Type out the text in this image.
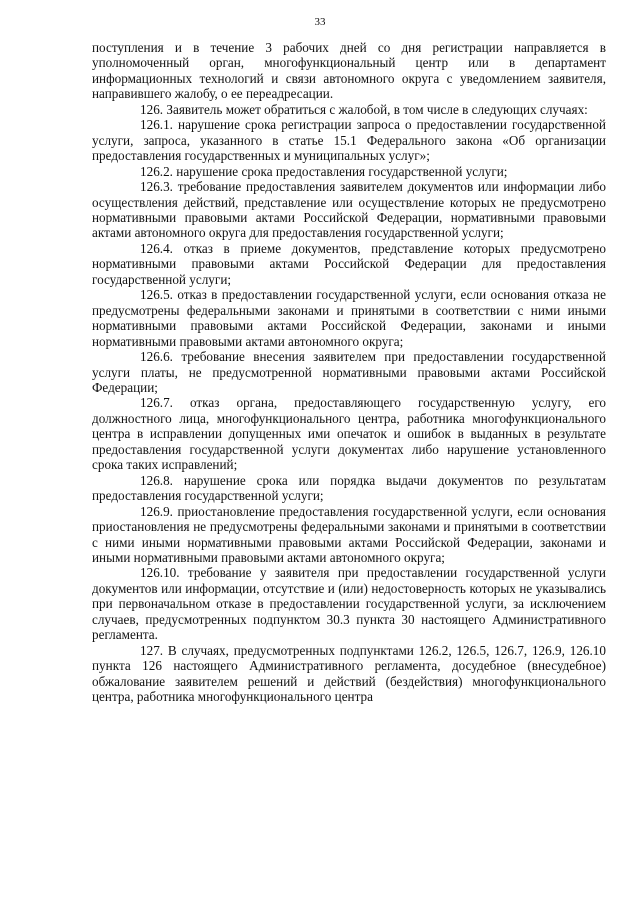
33

поступления и в течение 3 рабочих дней со дня регистрации направляется в уполномоченный орган, многофункциональный центр или в департамент информационных технологий и связи автономного округа с уведомлением заявителя, направившего жалобу, о ее переадресации.

126. Заявитель может обратиться с жалобой, в том числе в следующих случаях:

126.1. нарушение срока регистрации запроса о предоставлении государственной услуги, запроса, указанного в статье 15.1 Федерального закона «Об организации предоставления государственных и муниципальных услуг»;

126.2. нарушение срока предоставления государственной услуги;

126.3. требование предоставления заявителем документов или информации либо осуществления действий, представление или осуществление которых не предусмотрено нормативными правовыми актами Российской Федерации, нормативными правовыми актами автономного округа для предоставления государственной услуги;

126.4. отказ в приеме документов, представление которых предусмотрено нормативными правовыми актами Российской Федерации для предоставления государственной услуги;

126.5. отказ в предоставлении государственной услуги, если основания отказа не предусмотрены федеральными законами и принятыми в соответствии с ними иными нормативными правовыми актами Российской Федерации, законами и иными нормативными правовыми актами автономного округа;

126.6. требование внесения заявителем при предоставлении государственной услуги платы, не предусмотренной нормативными правовыми актами Российской Федерации;

126.7. отказ органа, предоставляющего государственную услугу, его должностного лица, многофункционального центра, работника многофункционального центра в исправлении допущенных ими опечаток и ошибок в выданных в результате предоставления государственной услуги документах либо нарушение установленного срока таких исправлений;

126.8. нарушение срока или порядка выдачи документов по результатам предоставления государственной услуги;

126.9. приостановление предоставления государственной услуги, если основания приостановления не предусмотрены федеральными законами и принятыми в соответствии с ними иными нормативными правовыми актами Российской Федерации, законами и иными нормативными правовыми актами автономного округа;

126.10. требование у заявителя при предоставлении государственной услуги документов или информации, отсутствие и (или) недостоверность которых не указывались при первоначальном отказе в предоставлении государственной услуги, за исключением случаев, предусмотренных подпунктом 30.3 пункта 30 настоящего Административного регламента.

127. В случаях, предусмотренных подпунктами 126.2, 126.5, 126.7, 126.9, 126.10 пункта 126 настоящего Административного регламента, досудебное (внесудебное) обжалование заявителем решений и действий (бездействия) многофункционального центра, работника многофункционального центра
